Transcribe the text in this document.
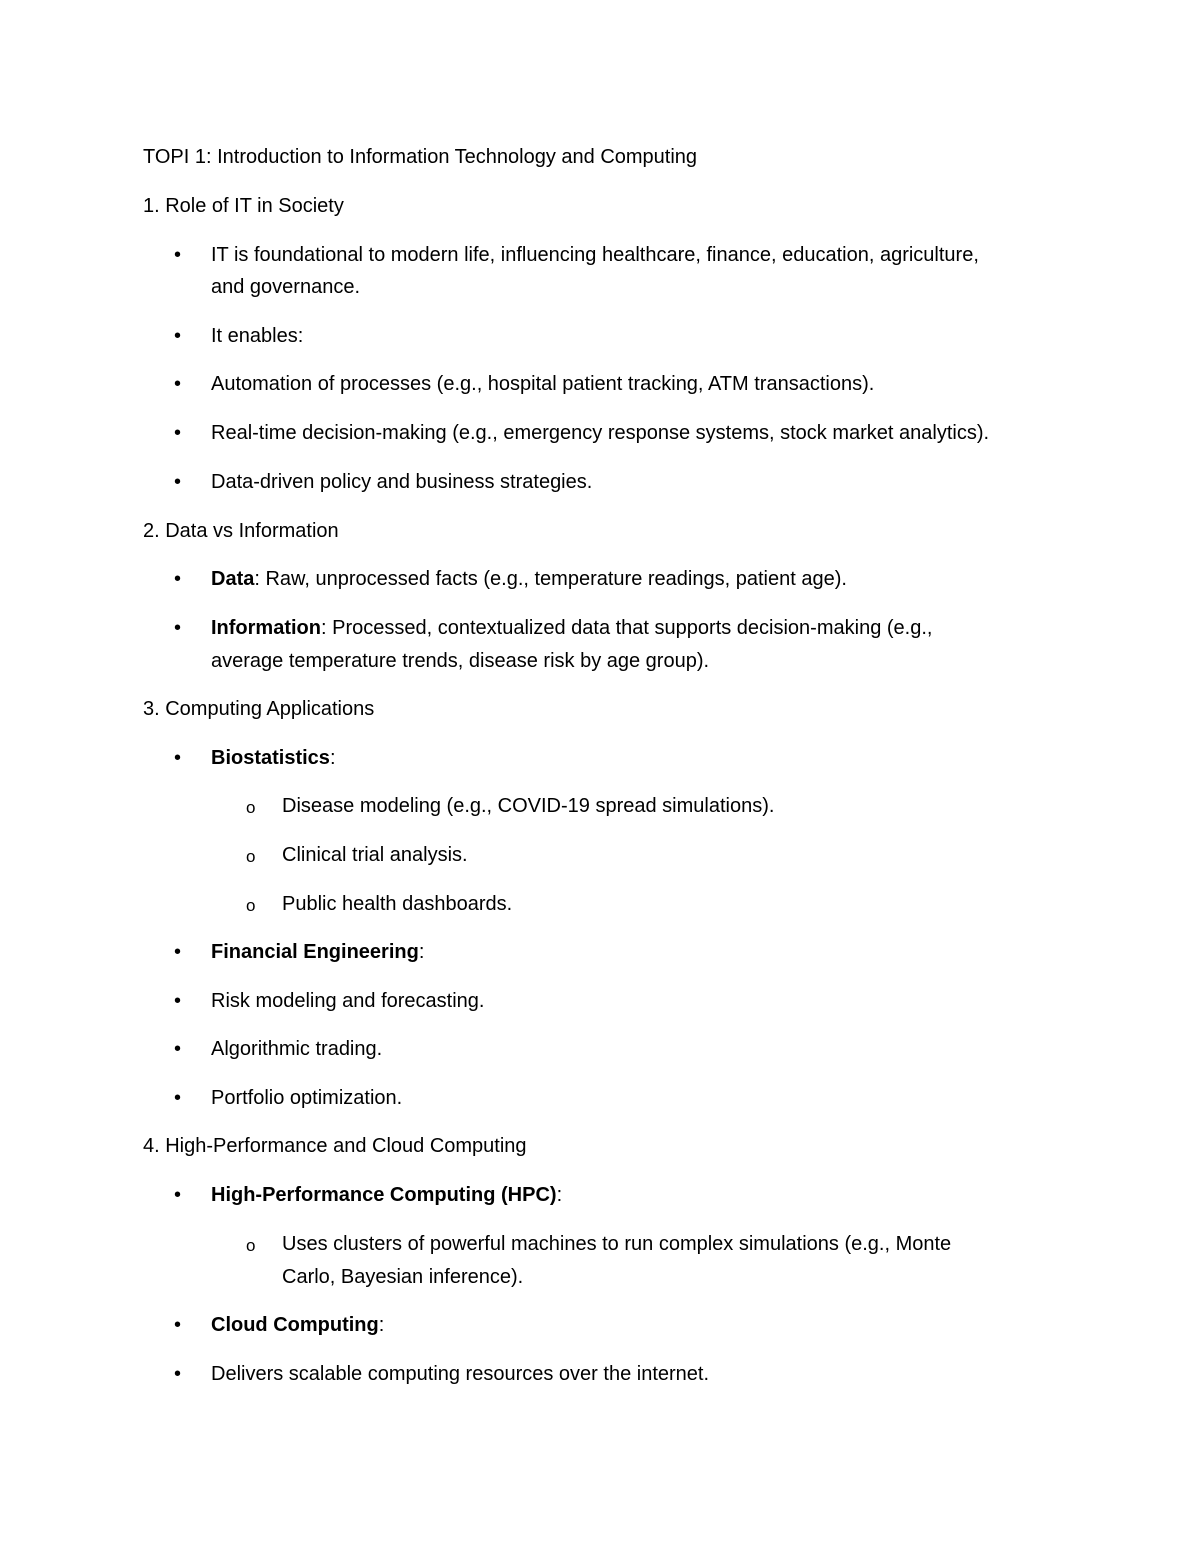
TOPI 1: Introduction to Information Technology and Computing
1. Role of IT in Society
• IT is foundational to modern life, influencing healthcare, finance, education, agriculture,
and governance.
• It enables:
• Automation of processes (e.g., hospital patient tracking, ATM transactions).
• Real-time decision-making (e.g., emergency response systems, stock market analytics).
• Data-driven policy and business strategies.
2. Data vs Information
• Data: Raw, unprocessed facts (e.g., temperature readings, patient age).
• Information: Processed, contextualized data that supports decision-making (e.g.,
average temperature trends, disease risk by age group).
3. Computing Applications
• Biostatistics:
o Disease modeling (e.g., COVID-19 spread simulations).
o Clinical trial analysis.
o Public health dashboards.
• Financial Engineering:
• Risk modeling and forecasting.
• Algorithmic trading.
• Portfolio optimization.
4. High-Performance and Cloud Computing
• High-Performance Computing (HPC):
o Uses clusters of powerful machines to run complex simulations (e.g., Monte
Carlo, Bayesian inference).
• Cloud Computing:
• Delivers scalable computing resources over the internet.
